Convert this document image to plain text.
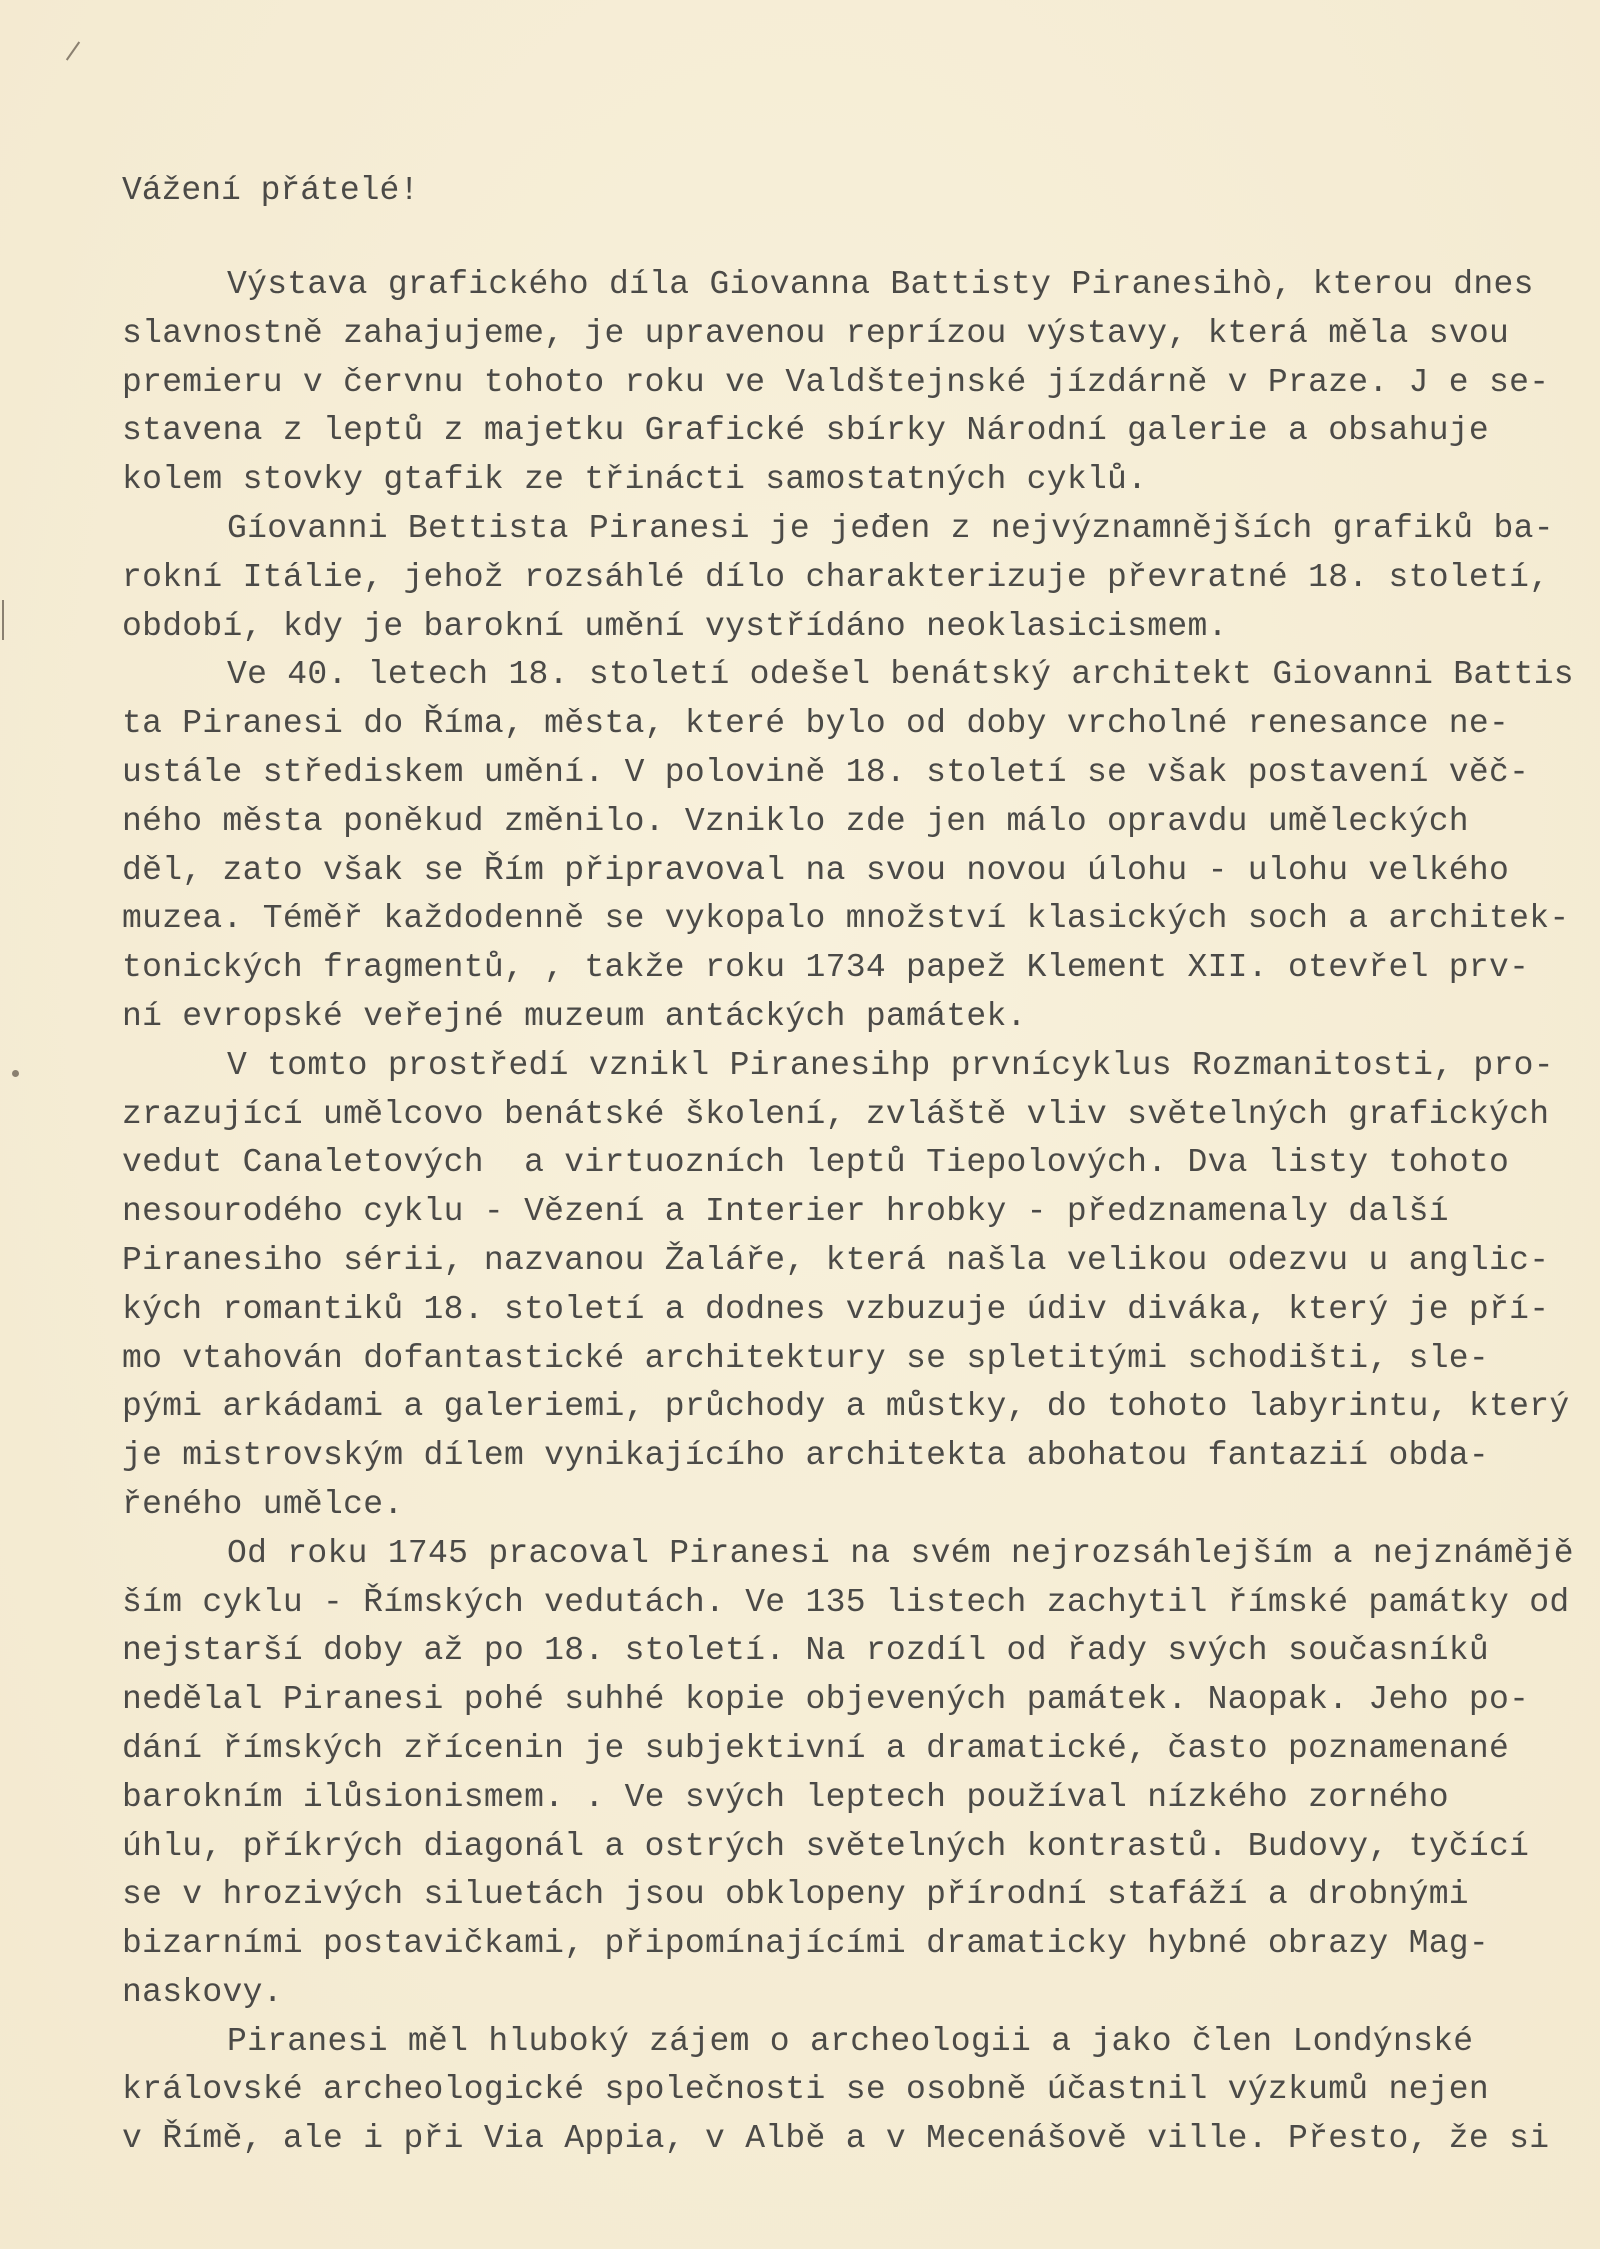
Vážení přátelé!
Výstava grafického díla Giovanna Battisty Piranesihò, kterou dnes
slavnostně zahajujeme, je upravenou reprízou výstavy, která měla svou
premieru v červnu tohoto roku ve Valdštejnské jízdárně v Praze. J e se-
stavena z leptů z majetku Grafické sbírky Národní galerie a obsahuje
kolem stovky gtafik ze třinácti samostatných cyklů.
Gíovanni Bettista Piranesi je jeđen z nejvýznamnějších grafiků ba-
rokní Itálie, jehož rozsáhlé dílo charakterizuje převratné 18. století,
období, kdy je barokní umění vystřídáno neoklasicismem.
Ve 40. letech 18. století odešel benátský architekt Giovanni Battis
ta Piranesi do Říma, města, které bylo od doby vrcholné renesance ne-
ustále střediskem umění. V polovině 18. století se však postavení věč-
ného města poněkud změnilo. Vzniklo zde jen málo opravdu uměleckých
děl, zato však se Řím připravoval na svou novou úlohu - ulohu velkého
muzea. Téměř každodenně se vykopalo množství klasických soch a architek-
tonických fragmentů, , takže roku 1734 papež Klement XII. otevřel prv-
ní evropské veřejné muzeum antáckých památek.
V tomto prostředí vznikl Piranesihp prvnícyklus Rozmanitosti, pro-
zrazující umělcovo benátské školení, zvláště vliv světelných grafických
vedut Canaletových  a virtuozních leptů Tiepolových. Dva listy tohoto
nesourodého cyklu - Vězení a Interier hrobky - předznamenaly další
Piranesiho sérii, nazvanou Žaláře, která našla velikou odezvu u anglic-
kých romantiků 18. století a dodnes vzbuzuje údiv diváka, který je pří-
mo vtahován dofantastické architektury se spletitými schodišti, sle-
pými arkádami a galeriemi, průchody a můstky, do tohoto labyrintu, který
je mistrovským dílem vynikajícího architekta abohatou fantazií obda-
řeného umělce.
Od roku 1745 pracoval Piranesi na svém nejrozsáhlejším a nejznámějě
ším cyklu - Římských vedutách. Ve 135 listech zachytil římské památky od
nejstarší doby až po 18. století. Na rozdíl od řady svých současníků
nedělal Piranesi pohé suhhé kopie objevených památek. Naopak. Jeho po-
dání římských zřícenin je subjektivní a dramatické, často poznamenané
barokním ilůsionismem. . Ve svých leptech používal nízkého zorného
úhlu, příkrých diagonál a ostrých světelných kontrastů. Budovy, tyčící
se v hrozivých siluetách jsou obklopeny přírodní stafáží a drobnými
bizarními postavičkami, připomínajícími dramaticky hybné obrazy Mag-
naskovy.
Piranesi měl hluboký zájem o archeologii a jako člen Londýnské
královské archeologické společnosti se osobně účastnil výzkumů nejen
v Římě, ale i při Via Appia, v Albě a v Mecenášově ville. Přesto, že si
